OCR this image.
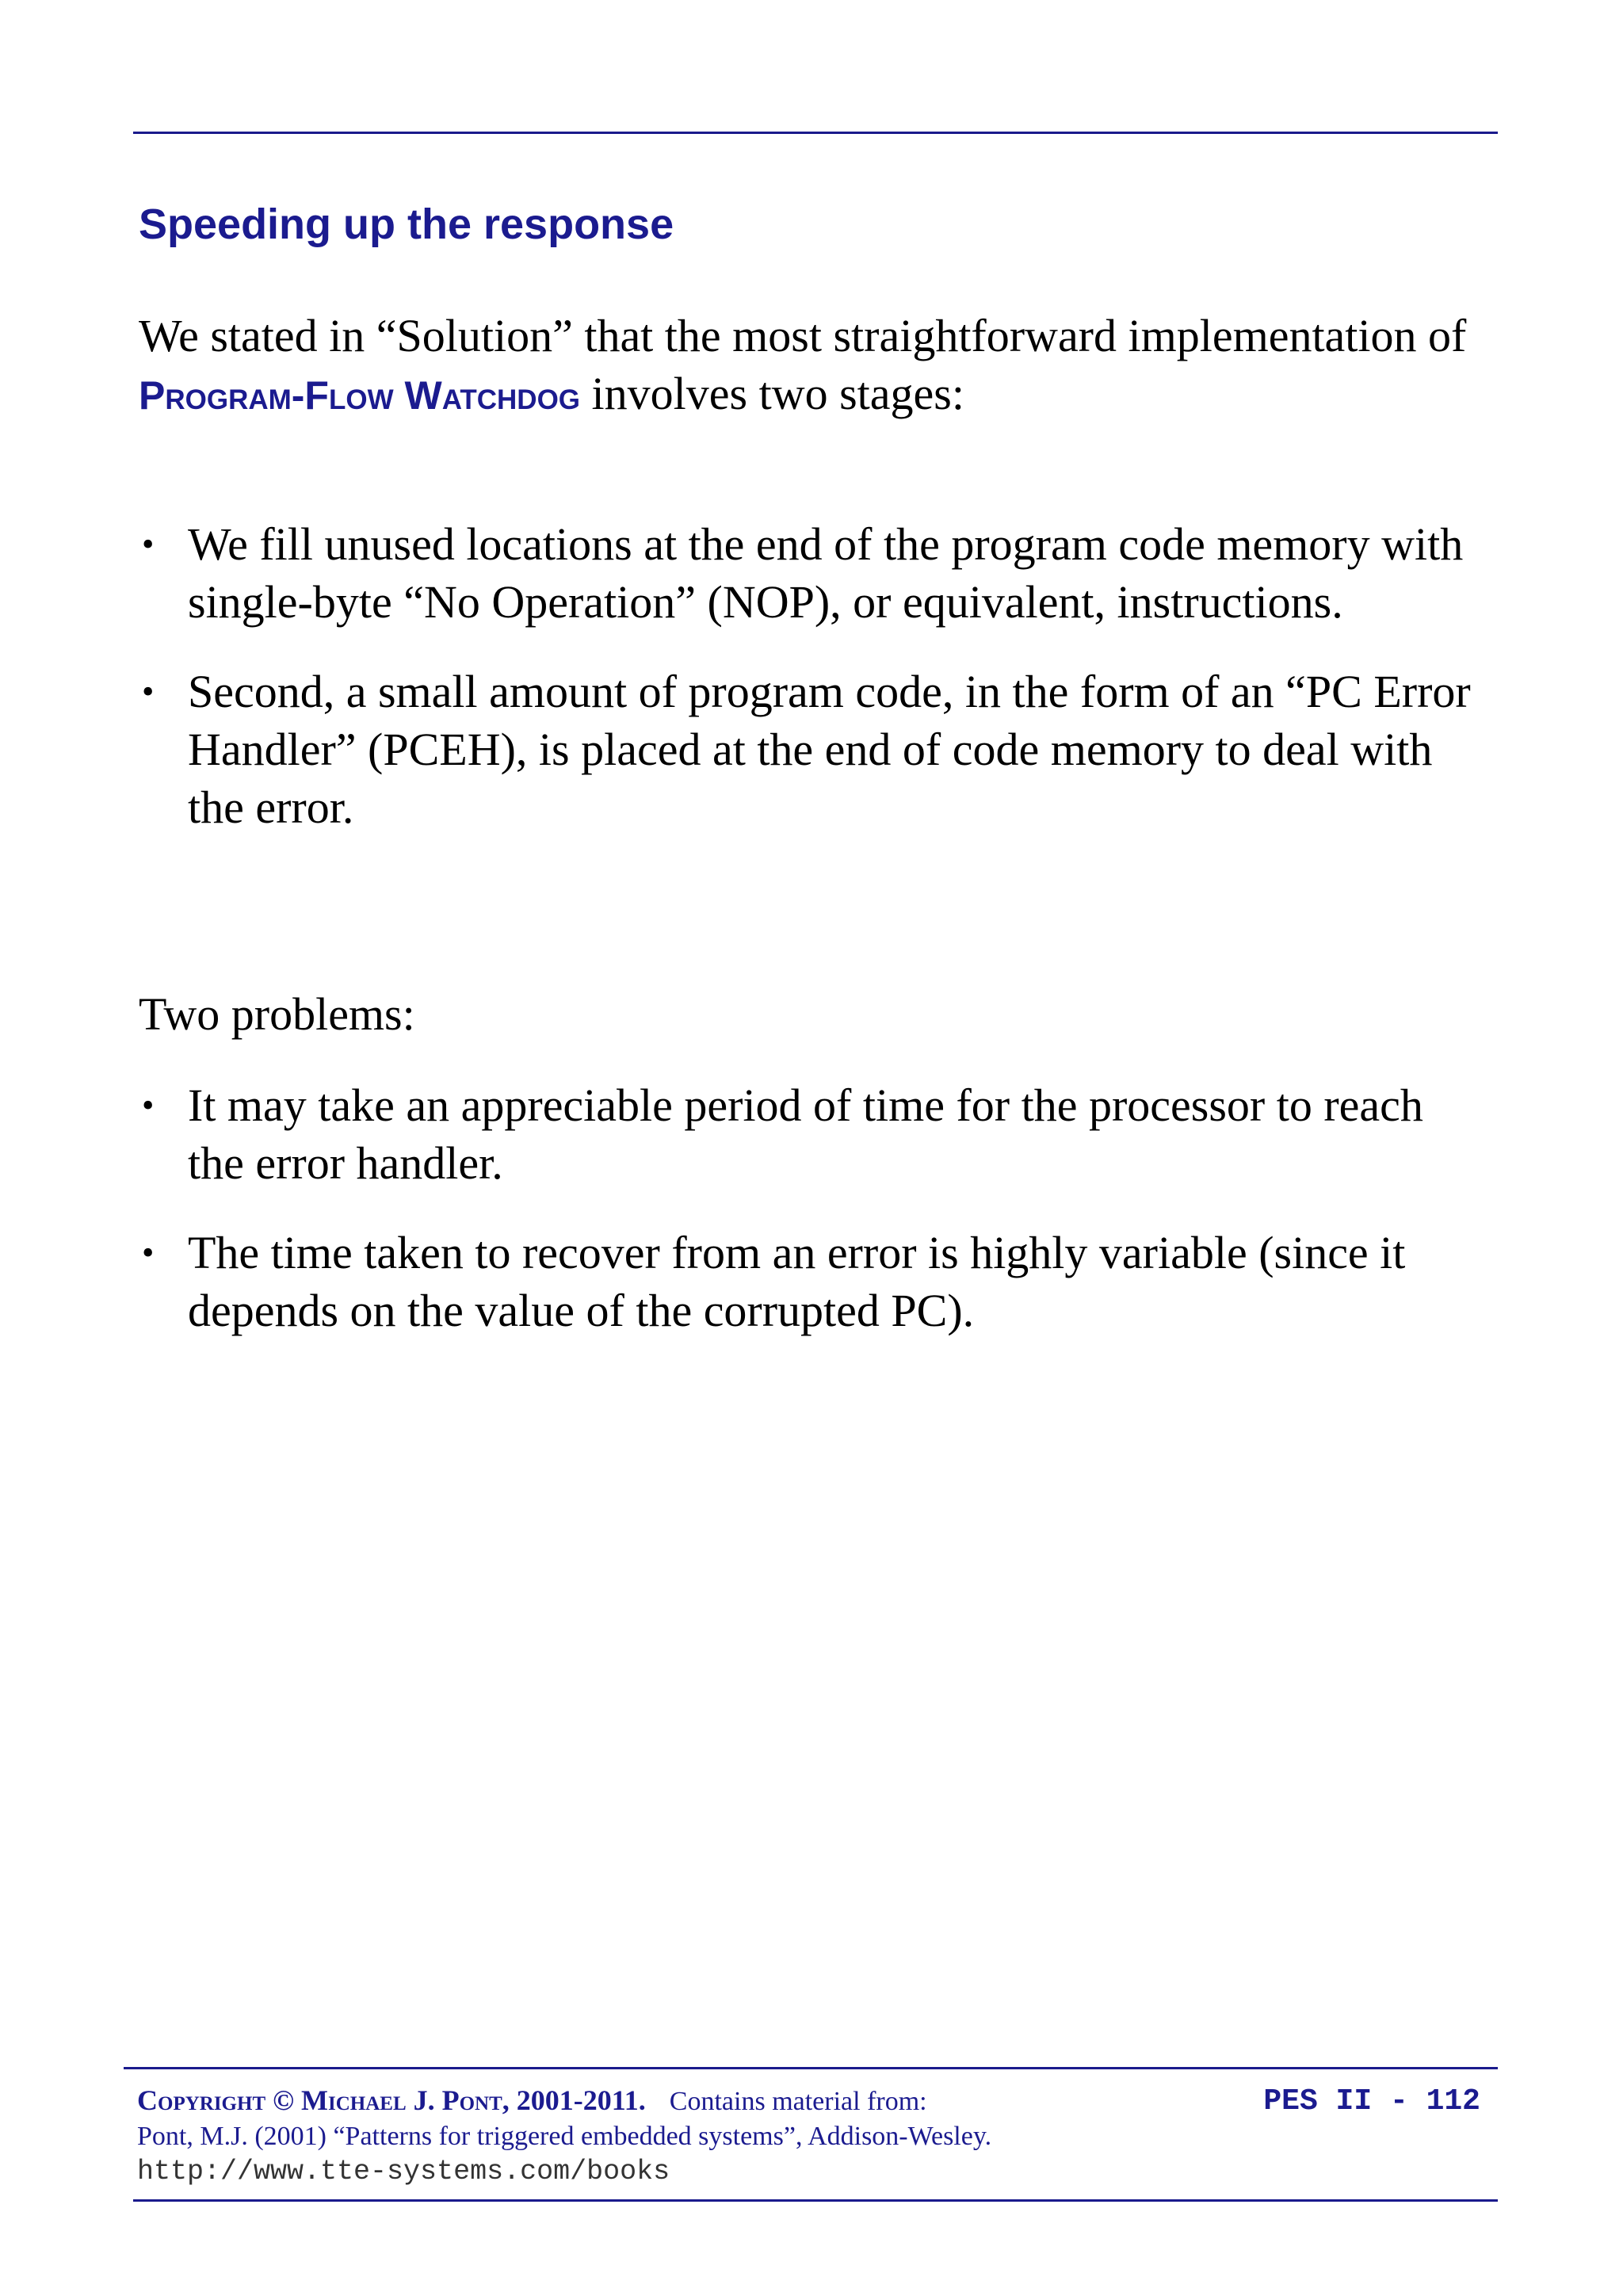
Speeding up the response

We stated in “Solution” that the most straightforward implementation of Program-Flow Watchdog involves two stages:

• We fill unused locations at the end of the program code memory with single-byte “No Operation” (NOP), or equivalent, instructions.
• Second, a small amount of program code, in the form of an “PC Error Handler” (PCEH), is placed at the end of code memory to deal with the error.

Two problems:

• It may take an appreciable period of time for the processor to reach the error handler.
• The time taken to recover from an error is highly variable (since it depends on the value of the corrupted PC).
Copyright © Michael J. Pont, 2001-2011. Contains material from:
Pont, M.J. (2001) “Patterns for triggered embedded systems”, Addison-Wesley.
http://www.tte-systems.com/books
PES II - 112
